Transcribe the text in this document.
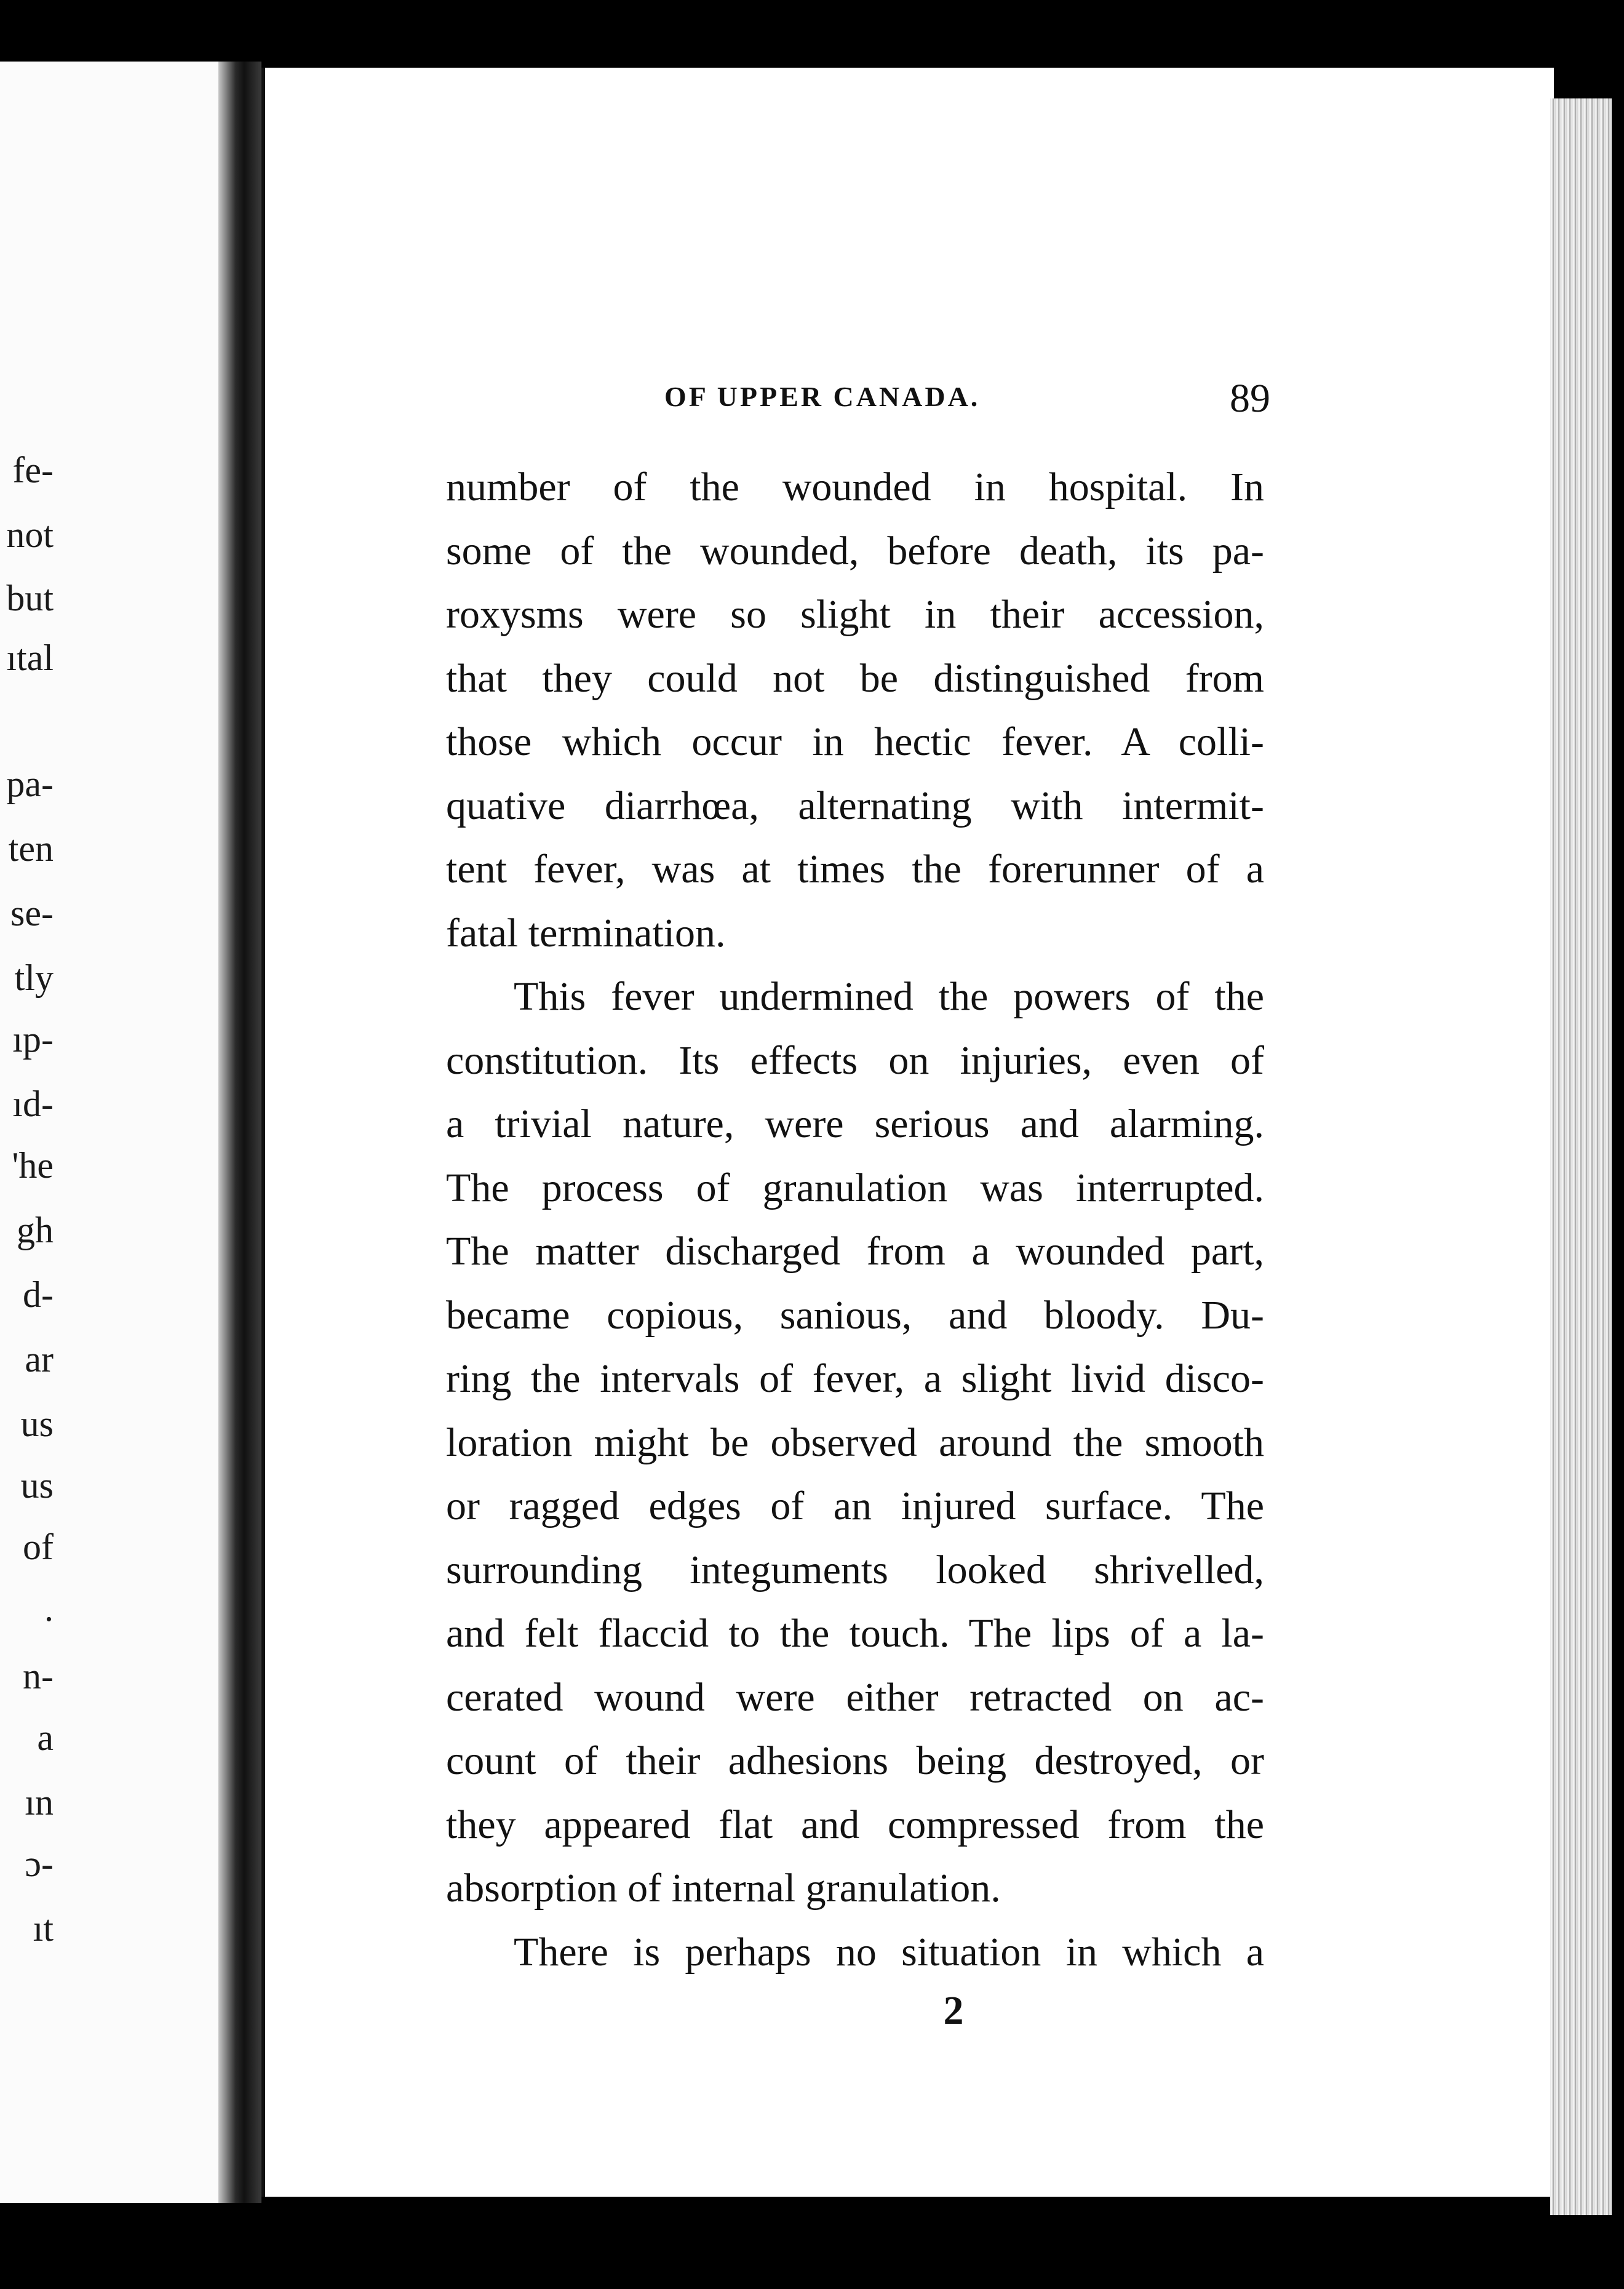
fe-
not
but
ıtal
pa-
ten
se-
tly
ıp-
ıd-
'he
gh
d-
ar
us
us
of
.
n-
a
ın
ɔ-
ıt
OF UPPER CANADA.	89
number of the wounded in hospital. In
some of the wounded, before death, its pa-
roxysms were so slight in their accession,
that they could not be distinguished from
those which occur in hectic fever. A colli-
quative diarrhœa, alternating with intermit-
tent fever, was at times the forerunner of a
fatal termination.
This fever undermined the powers of the
constitution. Its effects on injuries, even of
a trivial nature, were serious and alarming.
The process of granulation was interrupted.
The matter discharged from a wounded part,
became copious, sanious, and bloody. Du-
ring the intervals of fever, a slight livid disco-
loration might be observed around the smooth
or ragged edges of an injured surface. The
surrounding integuments looked shrivelled,
and felt flaccid to the touch. The lips of a la-
cerated wound were either retracted on ac-
count of their adhesions being destroyed, or
they appeared flat and compressed from the
absorption of internal granulation.
There is perhaps no situation in which a
2
